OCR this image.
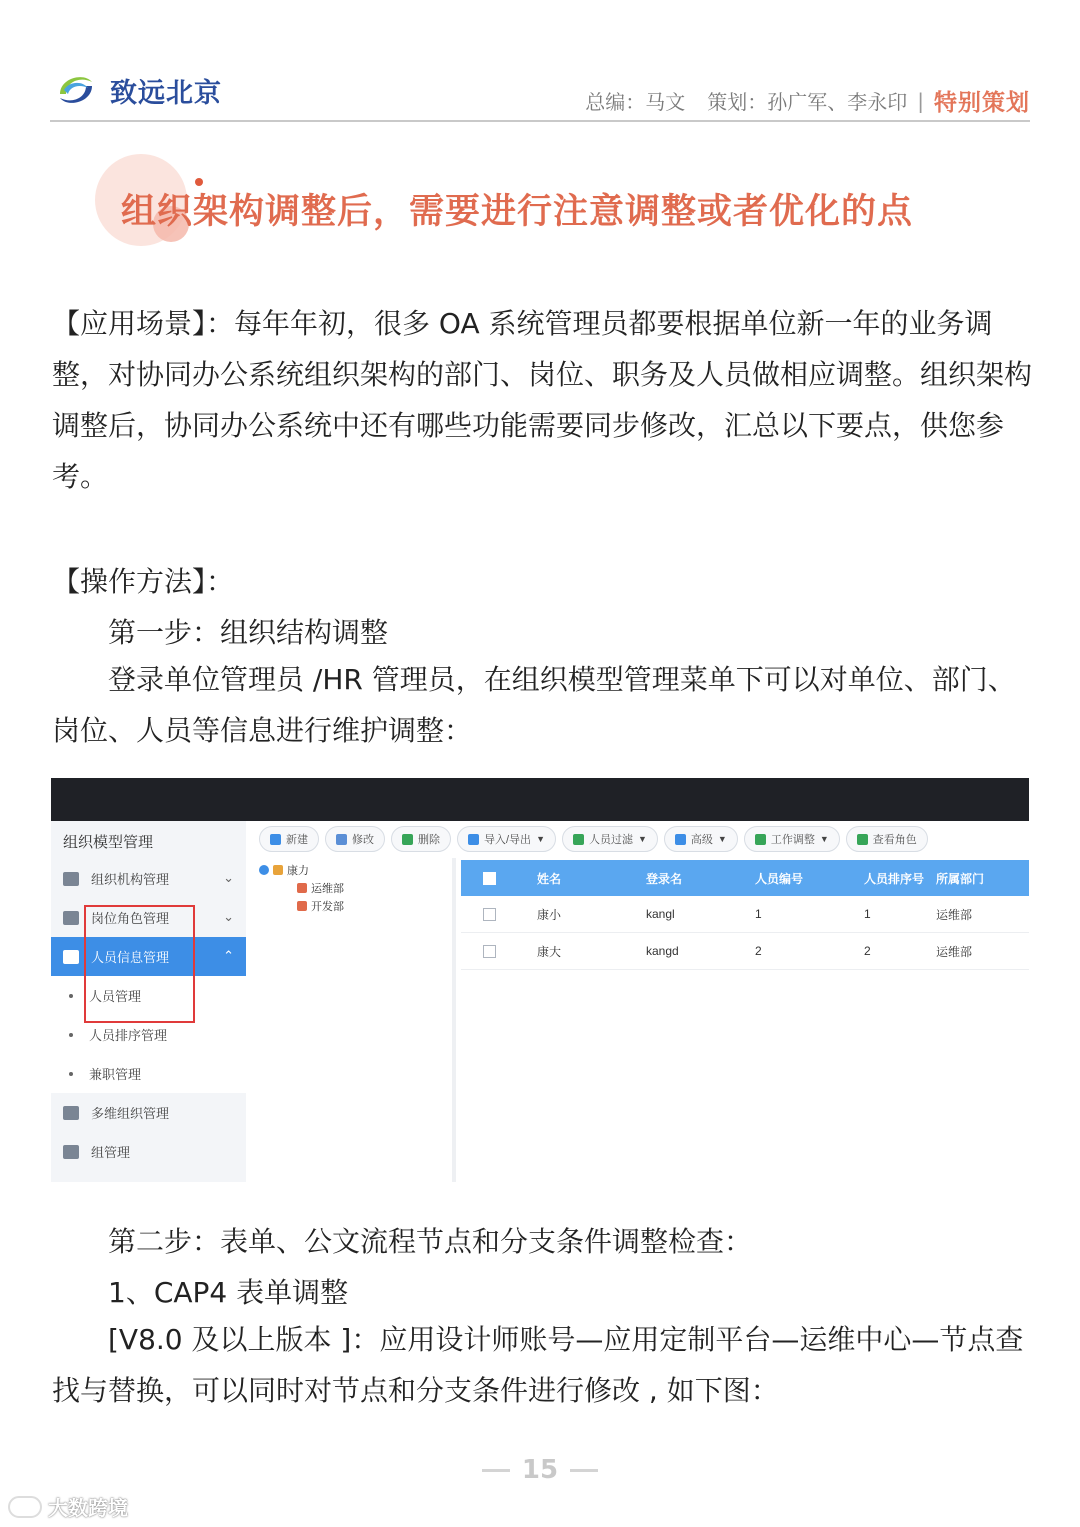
致远北京	总编：马文 策划：孙广军、李永印 | 特别策划
组织架构调整后，需要进行注意调整或者优化的点
【应用场景】：每年年初，很多 OA 系统管理员都要根据单位新一年的业务调整，对协同办公系统组织架构的部门、岗位、职务及人员做相应调整。组织架构调整后，协同办公系统中还有哪些功能需要同步修改，汇总以下要点，供您参考。
【操作方法】：
第一步：组织结构调整
登录单位管理员 /HR 管理员，在组织模型管理菜单下可以对单位、部门、岗位、人员等信息进行维护调整：
组织模型管理
组织机构管理	⌄
岗位角色管理	⌄
人员信息管理	⌃
人员管理
人员排序管理
兼职管理
多维组织管理
组管理
新建	修改	删除	导入/导出 ▼	人员过滤 ▼	高级 ▼	工作调整 ▼	查看角色
康力
运维部
开发部
姓名	登录名	人员编号	人员排序号 所属部门
康小	kangl	1	1	运维部
康大	kangd	2	2	运维部
第二步：表单、公文流程节点和分支条件调整检查：
1、CAP4 表单调整
[V8.0 及以上版本 ]：应用设计师账号—应用定制平台—运维中心—节点查找与替换，可以同时对节点和分支条件进行修改 , 如下图：
15
大数跨境
